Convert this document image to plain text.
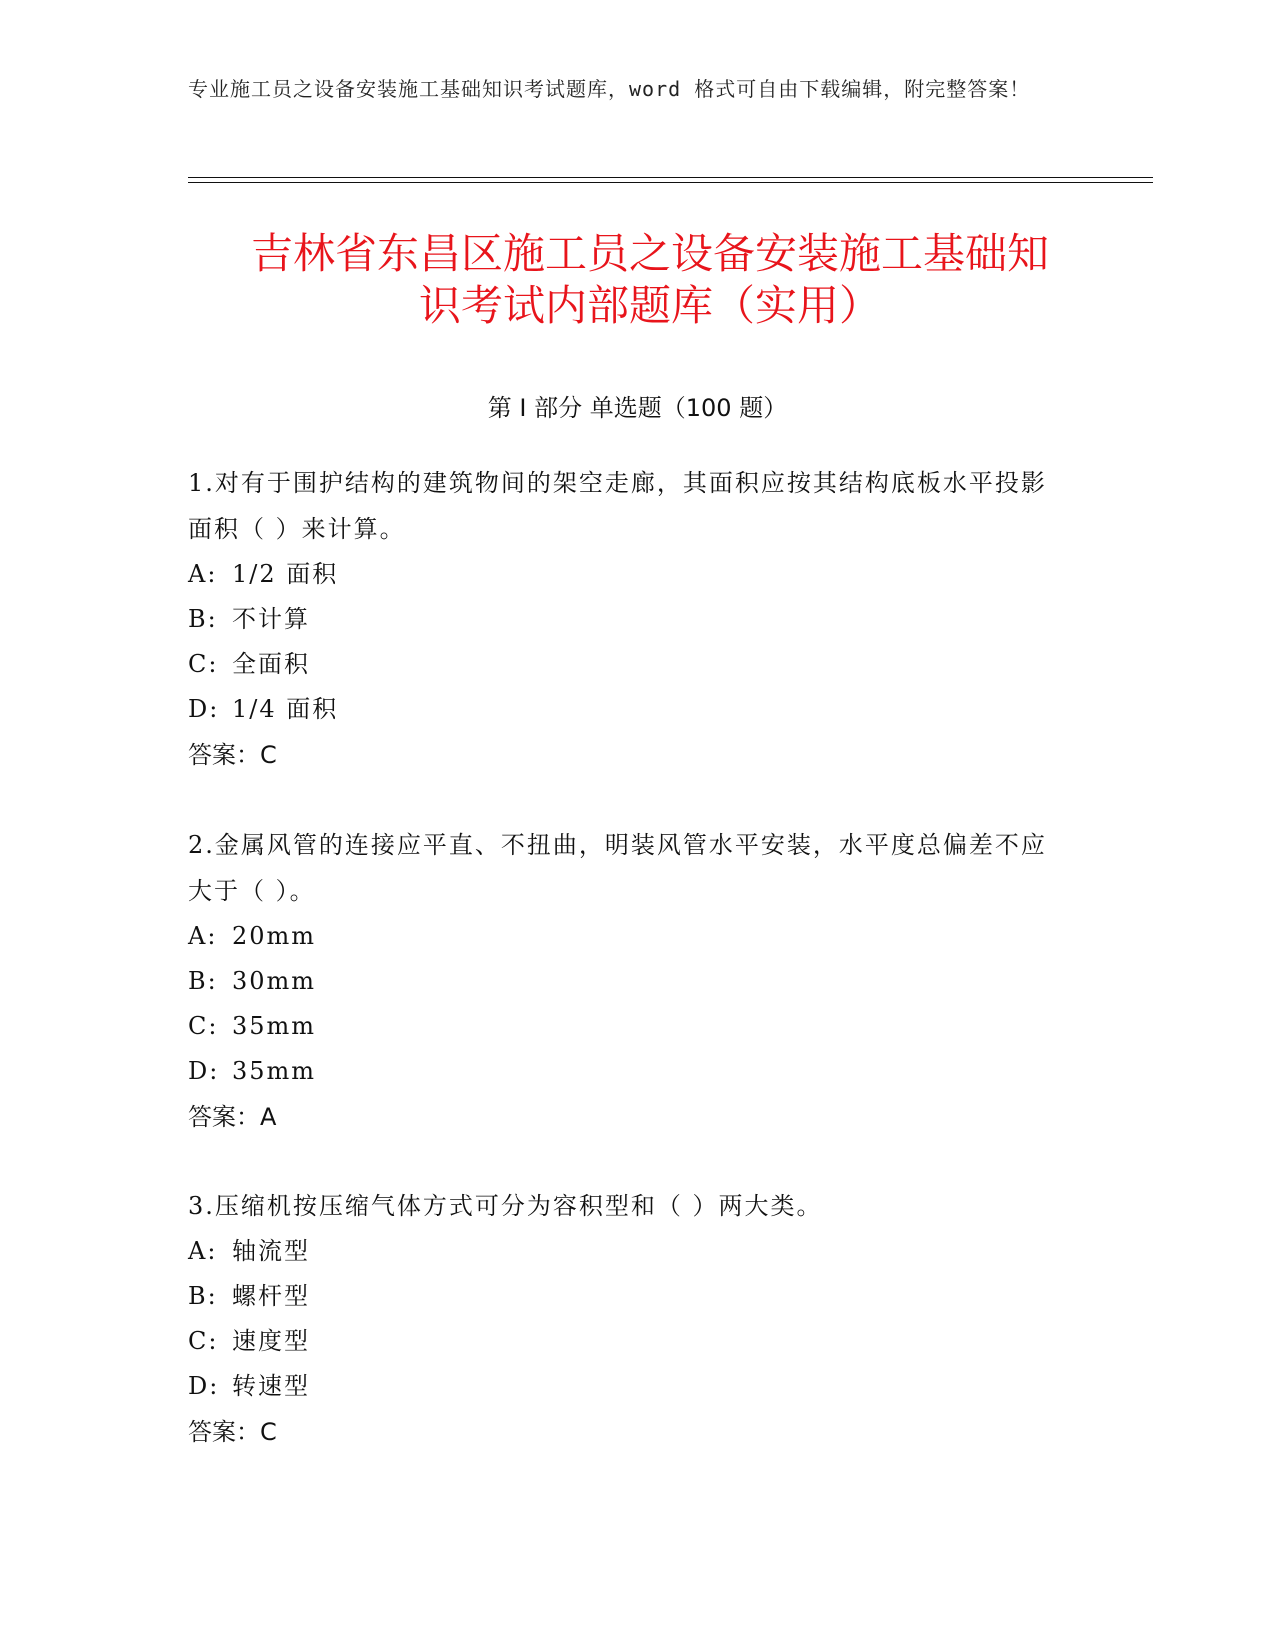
专业施工员之设备安装施工基础知识考试题库，word 格式可自由下载编辑，附完整答案！
吉林省东昌区施工员之设备安装施工基础知
识考试内部题库（实用）
第 I 部分 单选题（100 题）

1.对有于围护结构的建筑物间的架空走廊，其面积应按其结构底板水平投影面积（ ）来计算。

A: 1/2 面积

B: 不计算

C: 全面积

D: 1/4 面积

答案：C

2.金属风管的连接应平直、不扭曲，明装风管水平安装，水平度总偏差不应大于（ ）。

A: 20mm

B: 30mm

C: 35mm

D: 35mm

答案：A

3.压缩机按压缩气体方式可分为容积型和（ ）两大类。

A: 轴流型

B: 螺杆型

C: 速度型

D: 转速型

答案：C
